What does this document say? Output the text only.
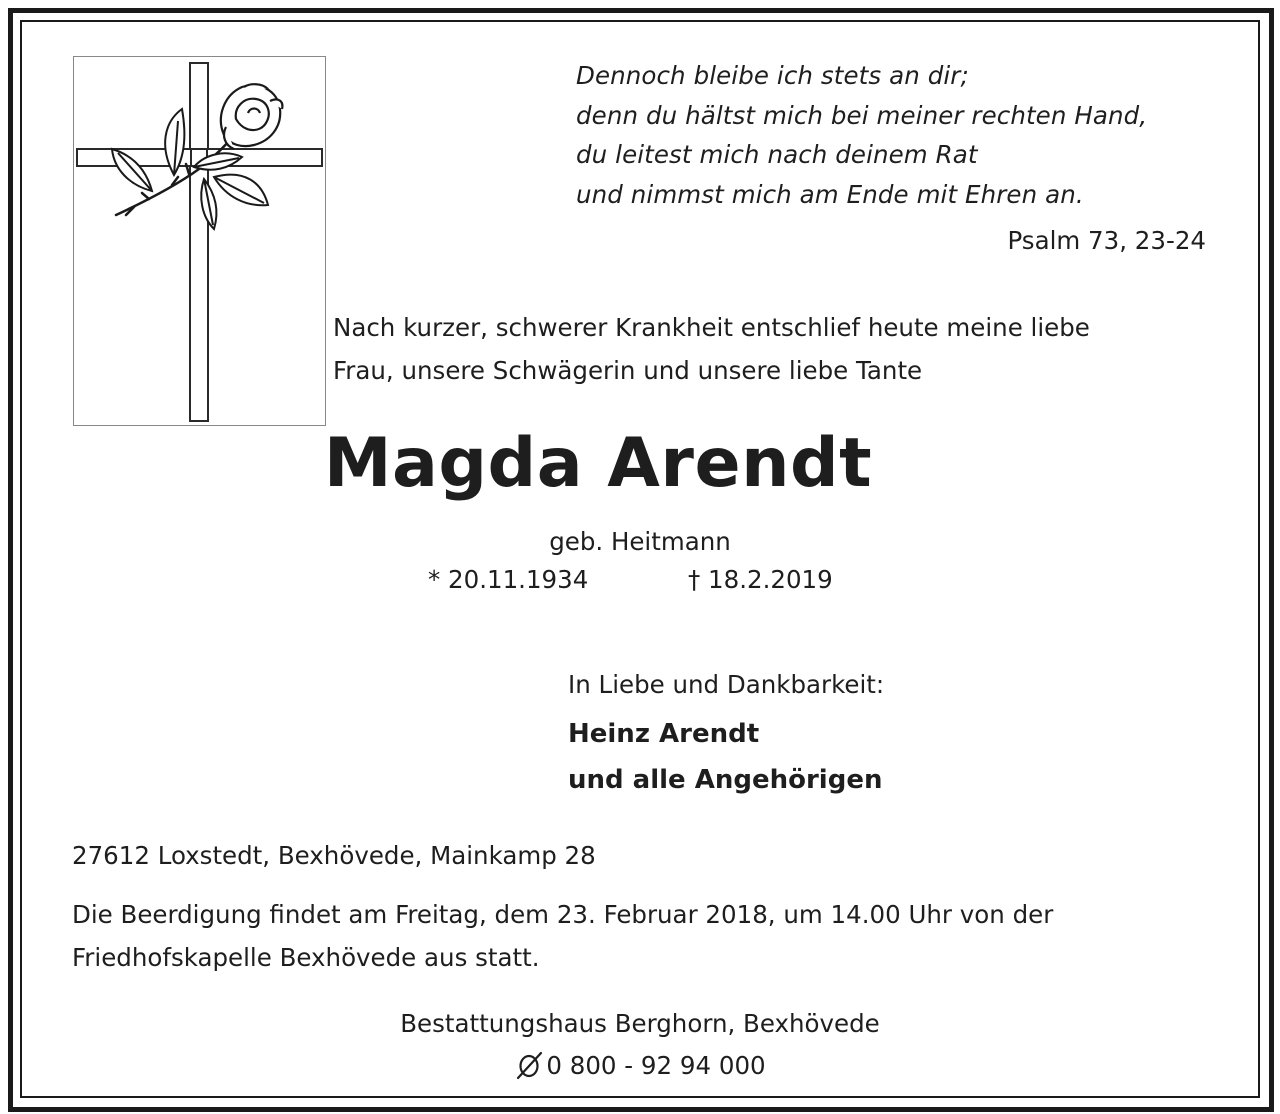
Dennoch bleibe ich stets an dir;
denn du hältst mich bei meiner rechten Hand,
du leitest mich nach deinem Rat
und nimmst mich am Ende mit Ehren an.
Psalm 73, 23-24
Nach kurzer, schwerer Krankheit entschlief heute meine liebe
Frau, unsere Schwägerin und unsere liebe Tante
Magda Arendt
geb. Heitmann
* 20.11.1934	† 18.2.2019
In Liebe und Dankbarkeit:
Heinz Arendt
und alle Angehörigen
27612 Loxstedt, Bexhövede, Mainkamp 28
Die Beerdigung findet am Freitag, dem 23. Februar 2018, um 14.00 Uhr von der
Friedhofskapelle Bexhövede aus statt.
Bestattungshaus Berghorn, Bexhövede
0 800 - 92 94 000
